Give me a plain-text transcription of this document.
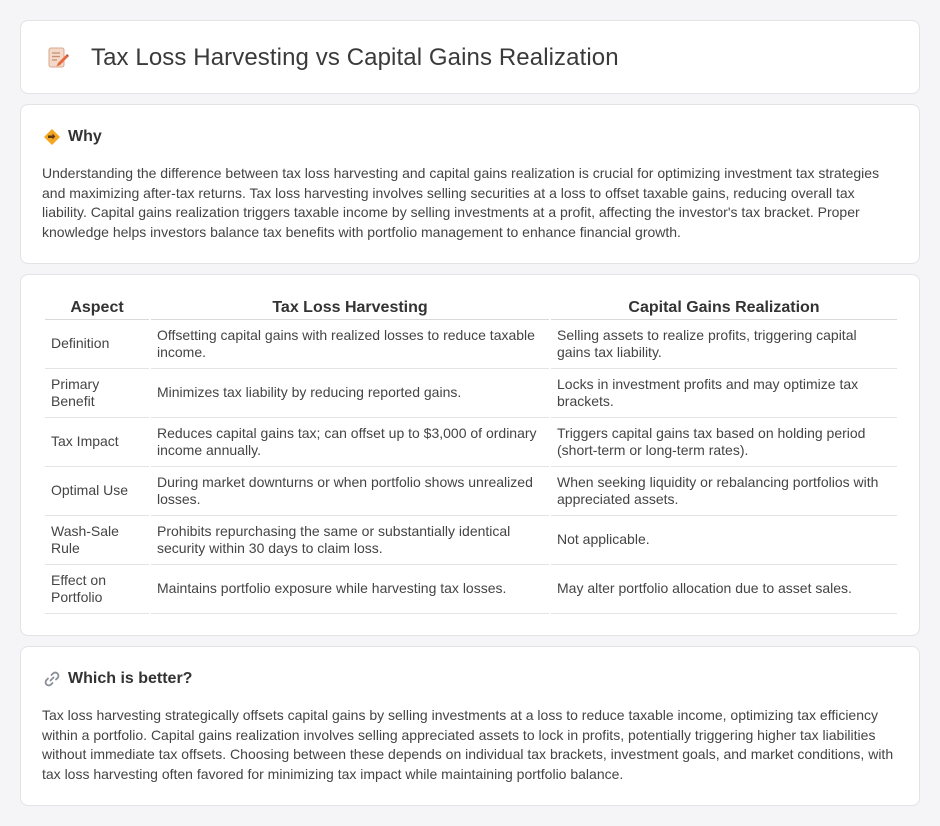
Tax Loss Harvesting vs Capital Gains Realization
Why

Understanding the difference between tax loss harvesting and capital gains realization is crucial for optimizing investment tax strategies and maximizing after-tax returns. Tax loss harvesting involves selling securities at a loss to offset taxable gains, reducing overall tax liability. Capital gains realization triggers taxable income by selling investments at a profit, affecting the investor's tax bracket. Proper knowledge helps investors balance tax benefits with portfolio management to enhance financial growth.

Aspect	Tax Loss Harvesting	Capital Gains Realization
Definition	Offsetting capital gains with realized losses to reduce taxable income.	Selling assets to realize profits, triggering capital gains tax liability.
Primary Benefit	Minimizes tax liability by reducing reported gains.	Locks in investment profits and may optimize tax brackets.
Tax Impact	Reduces capital gains tax; can offset up to $3,000 of ordinary income annually.	Triggers capital gains tax based on holding period (short-term or long-term rates).
Optimal Use	During market downturns or when portfolio shows unrealized losses.	When seeking liquidity or rebalancing portfolios with appreciated assets.
Wash-Sale Rule	Prohibits repurchasing the same or substantially identical security within 30 days to claim loss.	Not applicable.
Effect on Portfolio	Maintains portfolio exposure while harvesting tax losses.	May alter portfolio allocation due to asset sales.
Which is better?

Tax loss harvesting strategically offsets capital gains by selling investments at a loss to reduce taxable income, optimizing tax efficiency within a portfolio. Capital gains realization involves selling appreciated assets to lock in profits, potentially triggering higher tax liabilities without immediate tax offsets. Choosing between these depends on individual tax brackets, investment goals, and market conditions, with tax loss harvesting often favored for minimizing tax impact while maintaining portfolio balance.
